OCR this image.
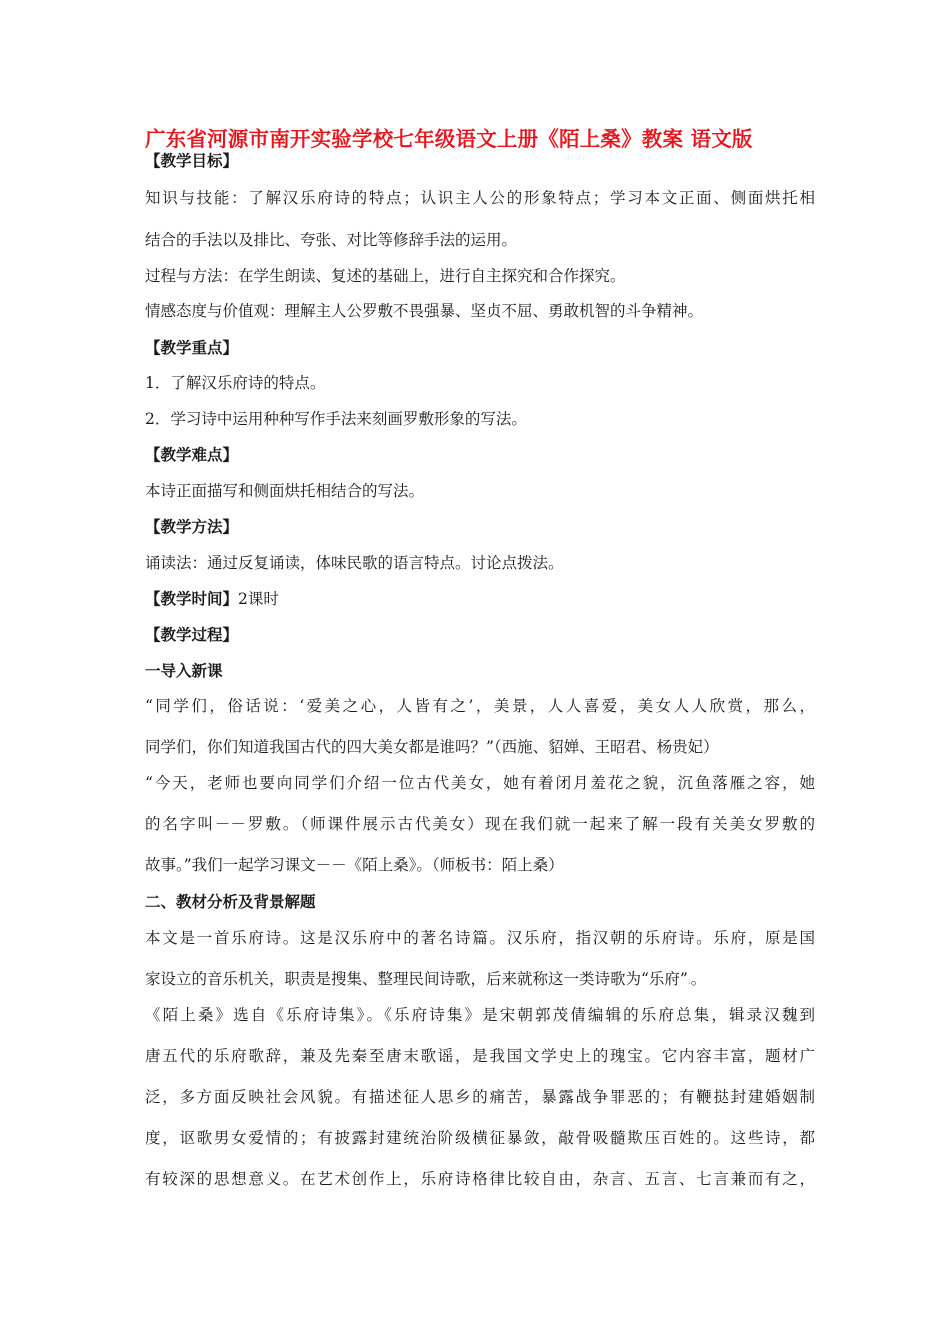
广东省河源市南开实验学校七年级语文上册《陌上桑》教案 语文版
【教学目标】
知识与技能：了解汉乐府诗的特点；认识主人公的形象特点；学习本文正面、侧面烘托相
结合的手法以及排比、夸张、对比等修辞手法的运用。
过程与方法：在学生朗读、复述的基础上，进行自主探究和合作探究。
情感态度与价值观：理解主人公罗敷不畏强暴、坚贞不屈、勇敢机智的斗争精神。
【教学重点】
1．了解汉乐府诗的特点。
2．学习诗中运用种种写作手法来刻画罗敷形象的写法。
【教学难点】
本诗正面描写和侧面烘托相结合的写法。
【教学方法】
诵读法：通过反复诵读，体味民歌的语言特点。讨论点拨法。
【教学时间】2课时
【教学过程】
一导入新课
“同学们，俗话说：‘爱美之心，人皆有之’，美景，人人喜爱，美女人人欣赏，那么，
同学们，你们知道我国古代的四大美女都是谁吗？”（西施、貂婵、王昭君、杨贵妃）
“今天，老师也要向同学们介绍一位古代美女，她有着闭月羞花之貌，沉鱼落雁之容，她
的名字叫－－罗敷。（师课件展示古代美女）现在我们就一起来了解一段有关美女罗敷的
故事。”我们一起学习课文－－《陌上桑》。（师板书：陌上桑）
二、教材分析及背景解题
本文是一首乐府诗。这是汉乐府中的著名诗篇。汉乐府，指汉朝的乐府诗。乐府，原是国
家设立的音乐机关，职责是搜集、整理民间诗歌，后来就称这一类诗歌为“乐府”.。
《陌上桑》选自《乐府诗集》。《乐府诗集》是宋朝郭茂倩编辑的乐府总集，辑录汉魏到
唐五代的乐府歌辞，兼及先秦至唐末歌谣，是我国文学史上的瑰宝。它内容丰富，题材广
泛，多方面反映社会风貌。有描述征人思乡的痛苦，暴露战争罪恶的；有鞭挞封建婚姻制
度，讴歌男女爱情的；有披露封建统治阶级横征暴敛，敲骨吸髓欺压百姓的。这些诗，都
有较深的思想意义。在艺术创作上，乐府诗格律比较自由，杂言、五言、七言兼而有之，
